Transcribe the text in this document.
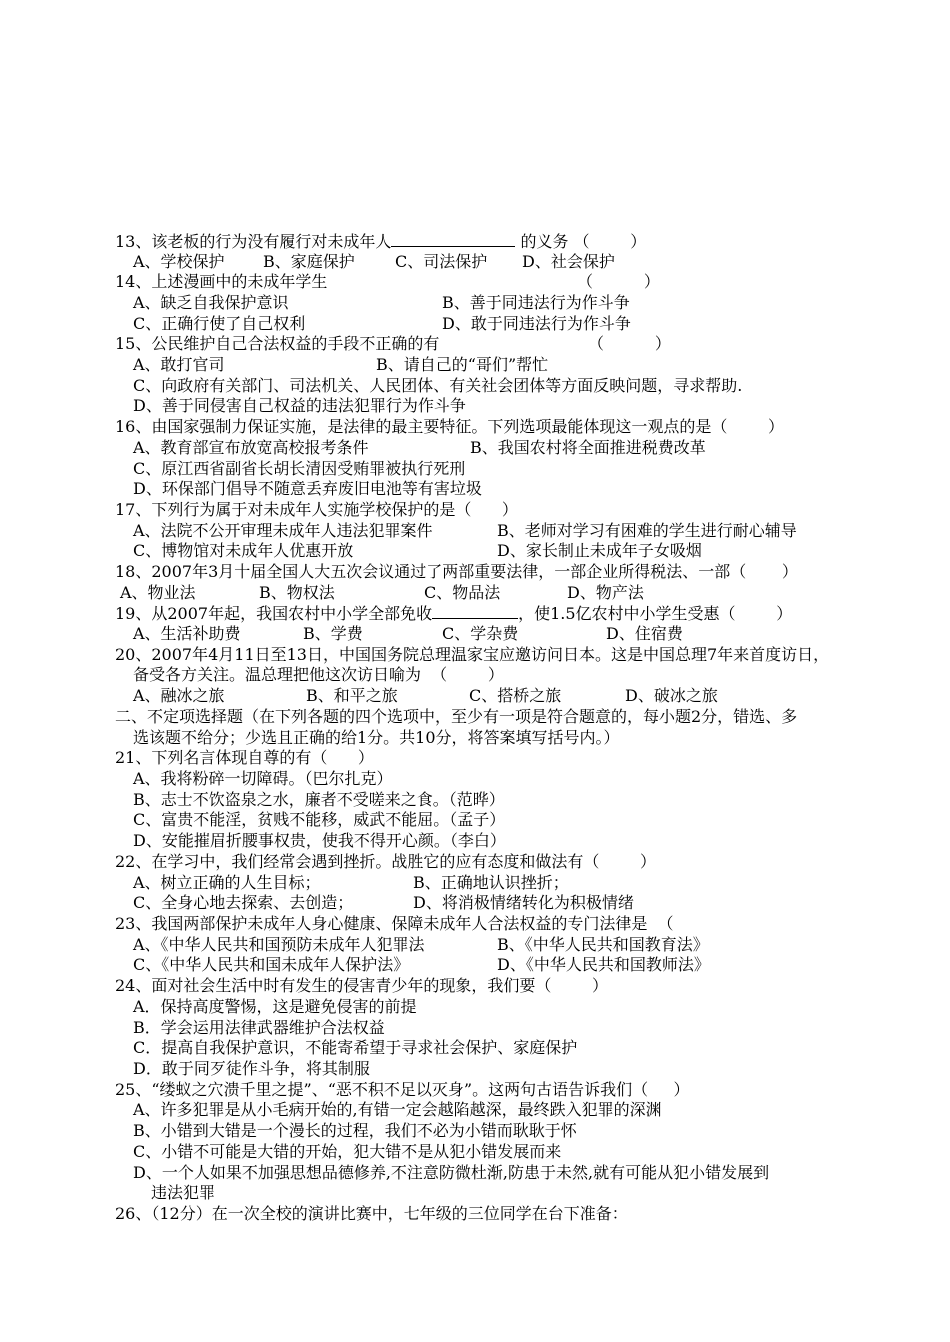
13、该老板的行为没有履行对未成年人	的义务 （        ）
A、学校保护 B、家庭保护	C、司法保护 D、社会保护
14、上述漫画中的未成年学生	（          ）
A、缺乏自我保护意识	B、善于同违法行为作斗争
C、正确行使了自己权利	D、敢于同违法行为作斗争
15、公民维护自己合法权益的手段不正确的有	（          ）
A、敢打官司	B、请自己的“哥们”帮忙
C、向政府有关部门、司法机关、人民团体、有关社会团体等方面反映问题，寻求帮助.
D、善于同侵害自己权益的违法犯罪行为作斗争
16、由国家强制力保证实施，是法律的最主要特征。下列选项最能体现这一观点的是（        ）
A、教育部宣布放宽高校报考条件	B、我国农村将全面推进税费改革
C、原江西省副省长胡长清因受贿罪被执行死刑
D、环保部门倡导不随意丢弃废旧电池等有害垃圾
17、下列行为属于对未成年人实施学校保护的是（      ）
A、法院不公开审理未成年人违法犯罪案件	B、老师对学习有困难的学生进行耐心辅导
C、博物馆对未成年人优惠开放	D、家长制止未成年子女吸烟
18、2007年3月十届全国人大五次会议通过了两部重要法律，一部企业所得税法、一部（       ）
A、物业法	B、物权法	C、物品法	D、物产法
19、从2007年起，我国农村中小学全部免收	，使1.5亿农村中小学生受惠（        ）
A、生活补助费	B、学费	C、学杂费	D、住宿费
20、2007年4月11日至13日，中国国务院总理温家宝应邀访问日本。这是中国总理7年来首度访日，
备受各方关注。温总理把他这次访日喻为  （        ）
A、融冰之旅	B、和平之旅	C、搭桥之旅	D、破冰之旅
二、不定项选择题（在下列各题的四个选项中，至少有一项是符合题意的，每小题2分，错选、多
选该题不给分；少选且正确的给1分。共10分，将答案填写括号内。）
21、下列名言体现自尊的有（      ）
A、我将粉碎一切障碍。（巴尔扎克）
B、志士不饮盗泉之水，廉者不受嗟来之食。（范晔）
C、富贵不能淫，贫贱不能移，威武不能屈。（孟子）
D、安能摧眉折腰事权贵，使我不得开心颜。（李白）
22、在学习中，我们经常会遇到挫折。战胜它的应有态度和做法有（        ）
A、树立正确的人生目标；	B、正确地认识挫折；
C、全身心地去探索、去创造；	D、将消极情绪转化为积极情绪
23、我国两部保护未成年人身心健康、保障未成年人合法权益的专门法律是  （
A、《中华人民共和国预防未成年人犯罪法	B、《中华人民共和国教育法》
C、《中华人民共和国未成年人保护法》	D、《中华人民共和国教师法》
24、面对社会生活中时有发生的侵害青少年的现象，我们要（        ）
A．保持高度警惕，这是避免侵害的前提
B．学会运用法律武器维护合法权益
C．提高自我保护意识，不能寄希望于寻求社会保护、家庭保护
D．敢于同歹徒作斗争，将其制服
25、“缕蚁之穴溃千里之提”、“恶不积不足以灭身”。这两句古语告诉我们（     ）
A、许多犯罪是从小毛病开始的,有错一定会越陷越深，最终跌入犯罪的深渊
B、小错到大错是一个漫长的过程，我们不必为小错而耿耿于怀
C、小错不可能是大错的开始，犯大错不是从犯小错发展而来
D、一个人如果不加强思想品德修养,不注意防微杜渐,防患于未然,就有可能从犯小错发展到
违法犯罪
26、（12分）在一次全校的演讲比赛中，七年级的三位同学在台下准备：
